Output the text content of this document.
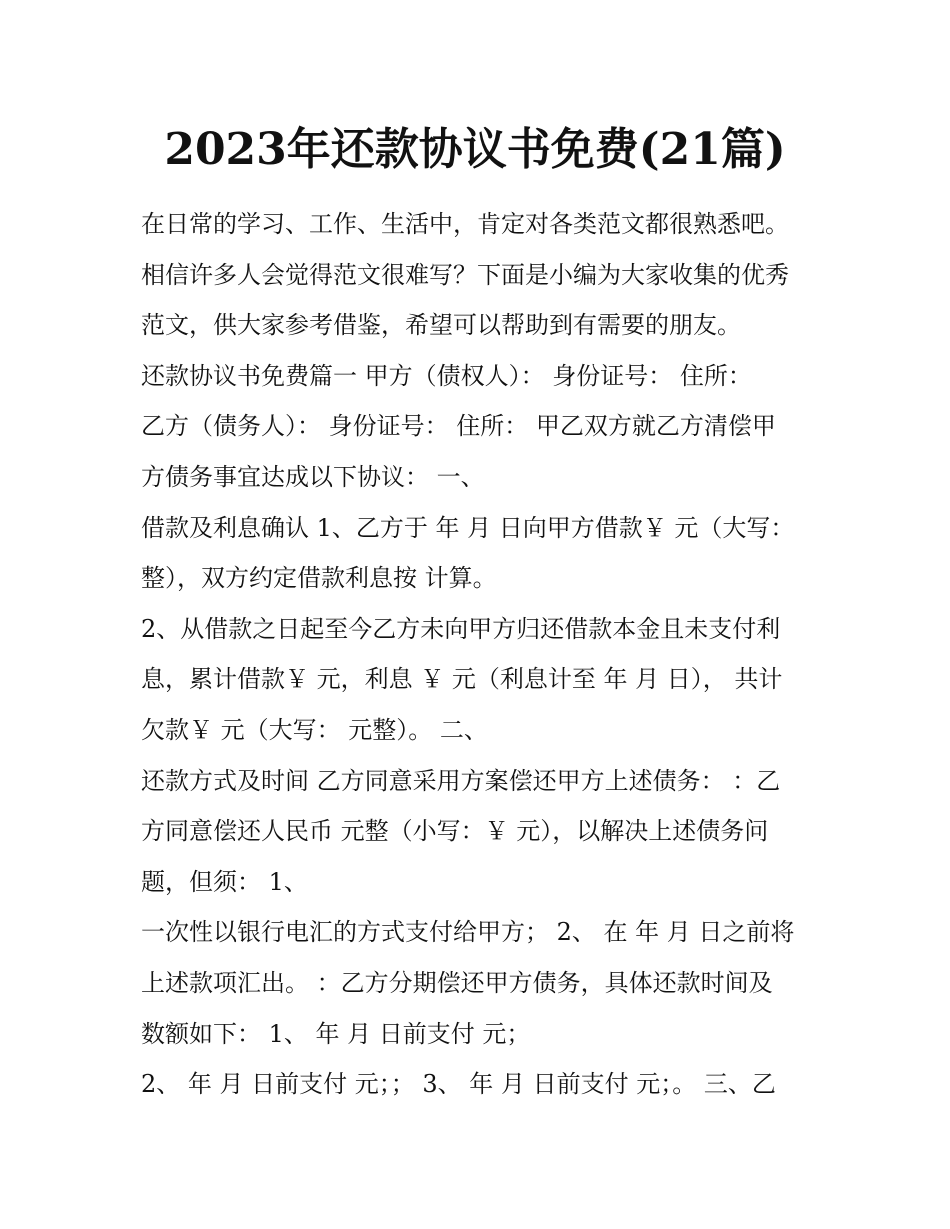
2023年还款协议书免费(21篇)
在日常的学习、工作、生活中，肯定对各类范文都很熟悉吧。
相信许多人会觉得范文很难写？下面是小编为大家收集的优秀
范文，供大家参考借鉴，希望可以帮助到有需要的朋友。
还款协议书免费篇一 甲方（债权人）： 身份证号： 住所：
乙方（债务人）： 身份证号： 住所： 甲乙双方就乙方清偿甲
方债务事宜达成以下协议： 一、
借款及利息确认 1、乙方于 年 月 日向甲方借款￥ 元（大写：
整），双方约定借款利息按 计算。
2、从借款之日起至今乙方未向甲方归还借款本金且未支付利
息，累计借款￥ 元，利息 ￥ 元（利息计至 年 月 日）， 共计
欠款￥ 元（大写： 元整）。 二、
还款方式及时间 乙方同意采用方案偿还甲方上述债务： ：乙
方同意偿还人民币 元整（小写：￥ 元），以解决上述债务问
题，但须： 1、
一次性以银行电汇的方式支付给甲方； 2、 在 年 月 日之前将
上述款项汇出。 ：乙方分期偿还甲方债务，具体还款时间及
数额如下： 1、 年 月 日前支付 元；
2、 年 月 日前支付 元；； 3、 年 月 日前支付 元；。 三、乙
